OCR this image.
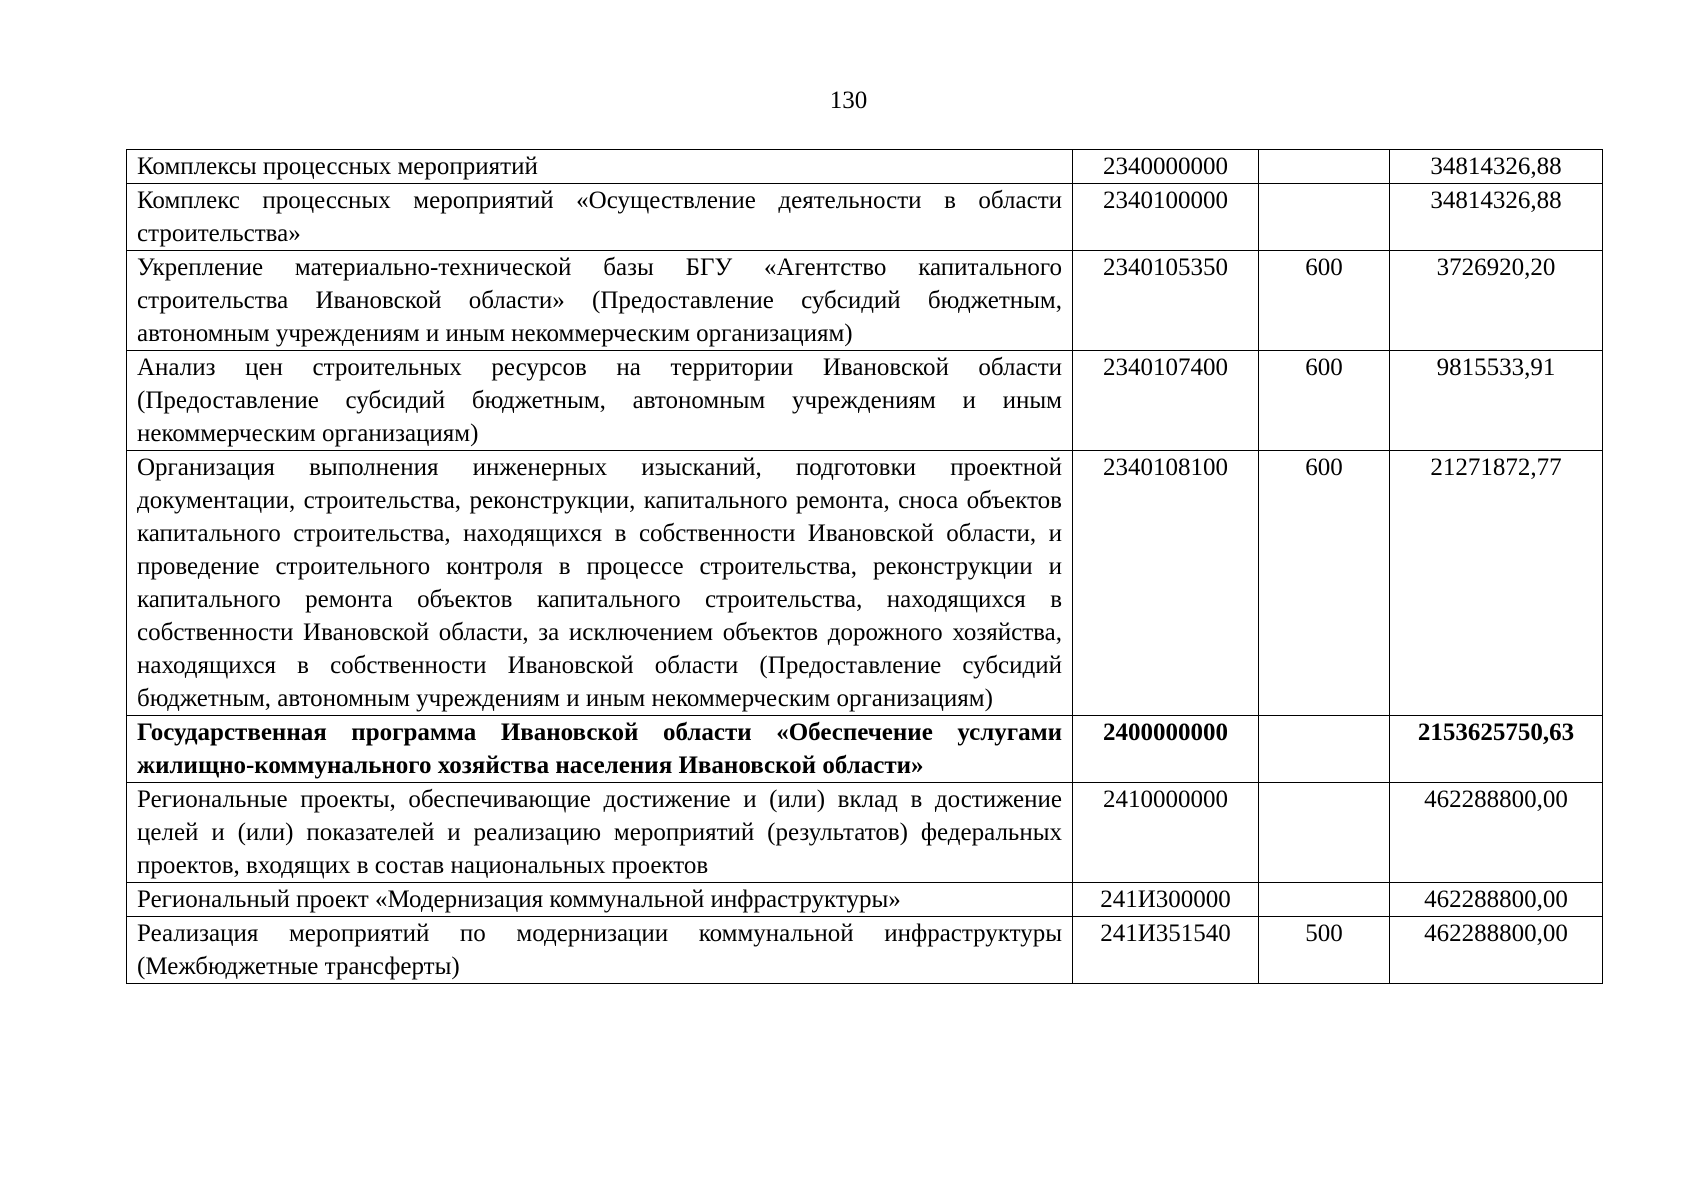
130
Комплексы процессных мероприятий	2340000000		34814326,88
Комплекс процессных мероприятий «Осуществление деятельности в области строительства»	2340100000		34814326,88
Укрепление материально-технической базы БГУ «Агентство капитального строительства Ивановской области» (Предоставление субсидий бюджетным, автономным учреждениям и иным некоммерческим организациям)	2340105350	600	3726920,20
Анализ цен строительных ресурсов на территории Ивановской области (Предоставление субсидий бюджетным, автономным учреждениям и иным некоммерческим организациям)	2340107400	600	9815533,91
Организация выполнения инженерных изысканий, подготовки проектной документации, строительства, реконструкции, капитального ремонта, сноса объектов капитального строительства, находящихся в собственности Ивановской области, и проведение строительного контроля в процессе строительства, реконструкции и капитального ремонта объектов капитального строительства, находящихся в собственности Ивановской области, за исключением объектов дорожного хозяйства, находящихся в собственности Ивановской области (Предоставление субсидий бюджетным, автономным учреждениям и иным некоммерческим организациям)	2340108100	600	21271872,77
Государственная программа Ивановской области «Обеспечение услугами жилищно-коммунального хозяйства населения Ивановской области»	2400000000		2153625750,63
Региональные проекты, обеспечивающие достижение и (или) вклад в достижение целей и (или) показателей и реализацию мероприятий (результатов) федеральных проектов, входящих в состав национальных проектов	2410000000		462288800,00
Региональный проект «Модернизация коммунальной инфраструктуры»	241И300000		462288800,00
Реализация мероприятий по модернизации коммунальной инфраструктуры (Межбюджетные трансферты)	241И351540	500	462288800,00
